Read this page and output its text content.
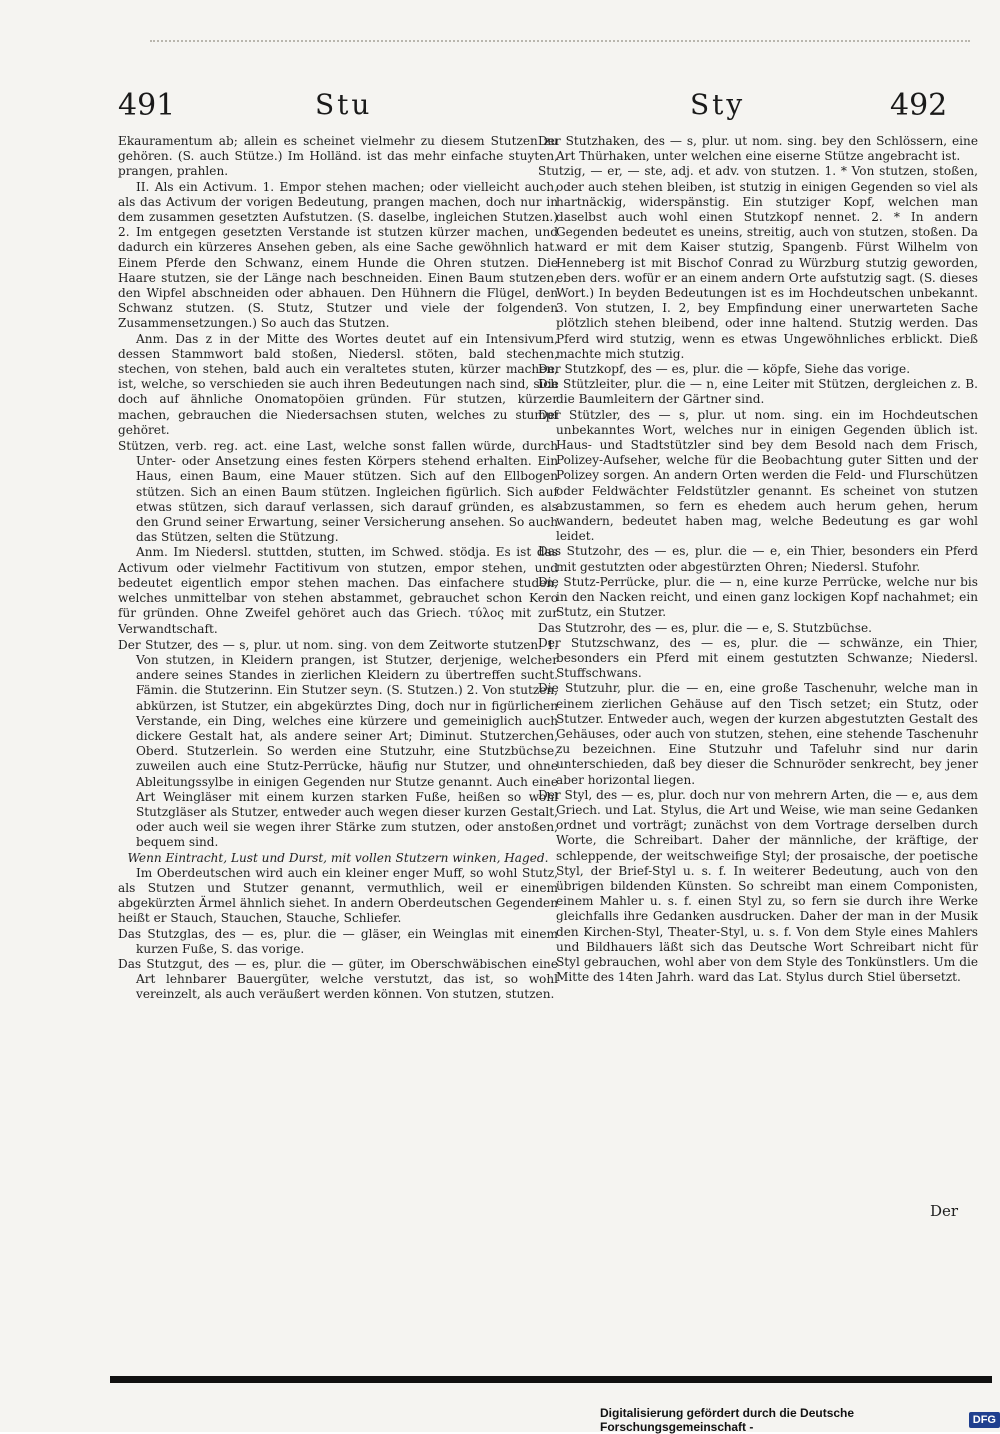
491	Stu	Sty	492

Ekauramentum ab; allein es scheinet vielmehr zu diesem Stutzen zu gehören. (S. auch Stütze.) Im Holländ. ist das mehr einfache stuyten, prangen, prahlen.

II. Als ein Activum. 1. Empor stehen machen; oder vielleicht auch, als das Activum der vorigen Bedeutung, prangen machen, doch nur in dem zusammen gesetzten Aufstutzen. (S. daselbe, ingleichen Stutzen.) 2. Im entgegen gesetzten Verstande ist stutzen kürzer machen, und dadurch ein kürzeres Ansehen geben, als eine Sache gewöhnlich hat. Einem Pferde den Schwanz, einem Hunde die Ohren stutzen. Die Haare stutzen, sie der Länge nach beschneiden. Einen Baum stutzen, den Wipfel abschneiden oder abhauen. Den Hühnern die Flügel, den Schwanz stutzen. (S. Stutz, Stutzer und viele der folgenden Zusammensetzungen.) So auch das Stutzen.

Anm. Das z in der Mitte des Wortes deutet auf ein Intensivum, dessen Stammwort bald stoßen, Niedersl. stöten, bald stechen, stechen, von stehen, bald auch ein veraltetes stuten, kürzer machen, ist, welche, so verschieden sie auch ihren Bedeutungen nach sind, sich doch auf ähnliche Onomatopöien gründen. Für stutzen, kürzer machen, gebrauchen die Niedersachsen stuten, welches zu stumpf gehöret.

Stützen, verb. reg. act. eine Last, welche sonst fallen würde, durch Unter- oder Ansetzung eines festen Körpers stehend erhalten. Ein Haus, einen Baum, eine Mauer stützen. Sich auf den Ellbogen stützen. Sich an einen Baum stützen. Ingleichen figürlich. Sich auf etwas stützen, sich darauf verlassen, sich darauf gründen, es als den Grund seiner Erwartung, seiner Versicherung ansehen. So auch das Stützen, selten die Stützung.

Anm. Im Niedersl. stuttden, stutten, im Schwed. stödja. Es ist das Activum oder vielmehr Factitivum von stutzen, empor stehen, und bedeutet eigentlich empor stehen machen. Das einfachere studen, welches unmittelbar von stehen abstammet, gebrauchet schon Kero für gründen. Ohne Zweifel gehöret auch das Griech. τύλος mit zur Verwandtschaft.

Der Stutzer, des — s, plur. ut nom. sing. von dem Zeitworte stutzen. 1. Von stutzen, in Kleidern prangen, ist Stutzer, derjenige, welcher andere seines Standes in zierlichen Kleidern zu übertreffen sucht. Fämin. die Stutzerinn. Ein Stutzer seyn. (S. Stutzen.) 2. Von stutzen, abkürzen, ist Stutzer, ein abgekürztes Ding, doch nur in figürlichen Verstande, ein Ding, welches eine kürzere und gemeiniglich auch dickere Gestalt hat, als andere seiner Art; Diminut. Stutzerchen, Oberd. Stutzerlein. So werden eine Stutzuhr, eine Stutzbüchse, zuweilen auch eine Stutz-Perrücke, häufig nur Stutzer, und ohne Ableitungssylbe in einigen Gegenden nur Stutze genannt. Auch eine Art Weingläser mit einem kurzen starken Fuße, heißen so wohl Stutzgläser als Stutzer, entweder auch wegen dieser kurzen Gestalt, oder auch weil sie wegen ihrer Stärke zum stutzen, oder anstoßen, bequem sind.

Wenn Eintracht, Lust und Durst, mit vollen Stutzern winken, Haged.

Im Oberdeutschen wird auch ein kleiner enger Muff, so wohl Stutz, als Stutzen und Stutzer genannt, vermuthlich, weil er einem abgekürzten Ärmel ähnlich siehet. In andern Oberdeutschen Gegenden heißt er Stauch, Stauchen, Stauche, Schliefer.

Das Stutzglas, des — es, plur. die — gläser, ein Weinglas mit einem kurzen Fuße, S. das vorige.

Das Stutzgut, des — es, plur. die — güter, im Oberschwäbischen eine Art lehnbarer Bauergüter, welche verstutzt, das ist, so wohl vereinzelt, als auch veräußert werden können. Von stutzen, stutzen.

Der Stutzhaken, des — s, plur. ut nom. sing. bey den Schlössern, eine Art Thürhaken, unter welchen eine eiserne Stütze angebracht ist.

Stutzig, — er, — ste, adj. et adv. von stutzen. 1. * Von stutzen, stoßen, oder auch stehen bleiben, ist stutzig in einigen Gegenden so viel als hartnäckig, widerspänstig. Ein stutziger Kopf, welchen man daselbst auch wohl einen Stutzkopf nennet. 2. * In andern Gegenden bedeutet es uneins, streitig, auch von stutzen, stoßen. Da ward er mit dem Kaiser stutzig, Spangenb. Fürst Wilhelm von Henneberg ist mit Bischof Conrad zu Würzburg stutzig geworden, eben ders. wofür er an einem andern Orte aufstutzig sagt. (S. dieses Wort.) In beyden Bedeutungen ist es im Hochdeutschen unbekannt. 3. Von stutzen, I. 2, bey Empfindung einer unerwarteten Sache plötzlich stehen bleibend, oder inne haltend. Stutzig werden. Das Pferd wird stutzig, wenn es etwas Ungewöhnliches erblickt. Dieß machte mich stutzig.

Der Stutzkopf, des — es, plur. die — köpfe, Siehe das vorige.

Die Stützleiter, plur. die — n, eine Leiter mit Stützen, dergleichen z. B. die Baumleitern der Gärtner sind.

Der Stützler, des — s, plur. ut nom. sing. ein im Hochdeutschen unbekanntes Wort, welches nur in einigen Gegenden üblich ist. Haus- und Stadtstützler sind bey dem Besold nach dem Frisch, Polizey-Aufseher, welche für die Beobachtung guter Sitten und der Polizey sorgen. An andern Orten werden die Feld- und Flurschützen oder Feldwächter Feldstützler genannt. Es scheinet von stutzen abzustammen, so fern es ehedem auch herum gehen, herum wandern, bedeutet haben mag, welche Bedeutung es gar wohl leidet.

Das Stutzohr, des — es, plur. die — e, ein Thier, besonders ein Pferd mit gestutzten oder abgestürzten Ohren; Niedersl. Stufohr.

Die Stutz-Perrücke, plur. die — n, eine kurze Perrücke, welche nur bis in den Nacken reicht, und einen ganz lockigen Kopf nachahmet; ein Stutz, ein Stutzer.

Das Stutzrohr, des — es, plur. die — e, S. Stutzbüchse.

Der Stutzschwanz, des — es, plur. die — schwänze, ein Thier, besonders ein Pferd mit einem gestutzten Schwanze; Niedersl. Stuffschwans.

Die Stutzuhr, plur. die — en, eine große Taschenuhr, welche man in einem zierlichen Gehäuse auf den Tisch setzet; ein Stutz, oder Stutzer. Entweder auch, wegen der kurzen abgestutzten Gestalt des Gehäuses, oder auch von stutzen, stehen, eine stehende Taschenuhr zu bezeichnen. Eine Stutzuhr und Tafeluhr sind nur darin unterschieden, daß bey dieser die Schnuröder senkrecht, bey jener aber horizontal liegen.

Der Styl, des — es, plur. doch nur von mehrern Arten, die — e, aus dem Griech. und Lat. Stylus, die Art und Weise, wie man seine Gedanken ordnet und vorträgt; zunächst von dem Vortrage derselben durch Worte, die Schreibart. Daher der männliche, der kräftige, der schleppende, der weitschweifige Styl; der prosaische, der poetische Styl, der Brief-Styl u. s. f. In weiterer Bedeutung, auch von den übrigen bildenden Künsten. So schreibt man einem Componisten, einem Mahler u. s. f. einen Styl zu, so fern sie durch ihre Werke gleichfalls ihre Gedanken ausdrucken. Daher der man in der Musik den Kirchen-Styl, Theater-Styl, u. s. f. Von dem Style eines Mahlers und Bildhauers läßt sich das Deutsche Wort Schreibart nicht für Styl gebrauchen, wohl aber von dem Style des Tonkünstlers. Um die Mitte des 14ten Jahrh. ward das Lat. Stylus durch Stiel übersetzt.

Der
Digitalisierung gefördert durch die Deutsche Forschungsgemeinschaft -	DFG
